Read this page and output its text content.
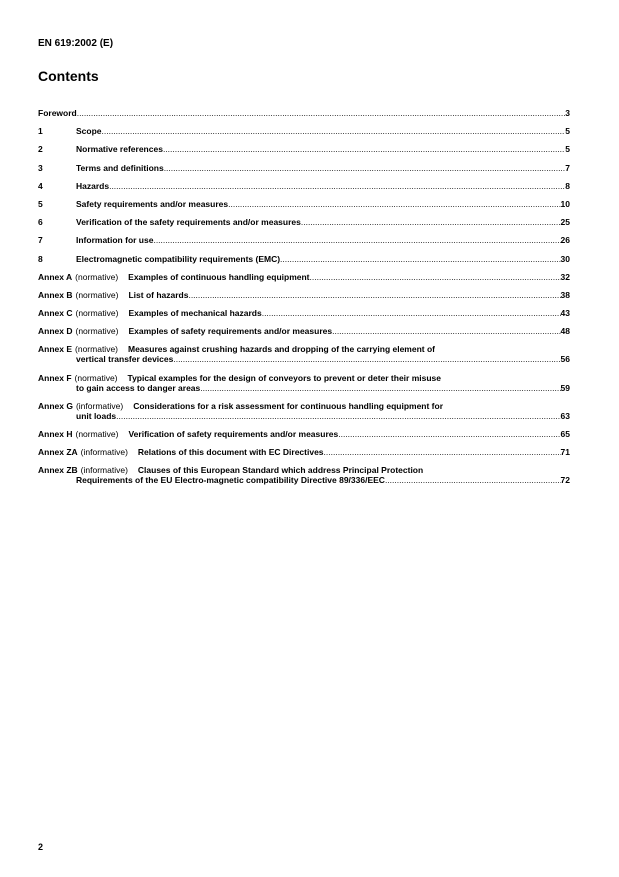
EN 619:2002 (E)
Contents
Foreword .....	3
1	Scope .....	5
2	Normative references .....	5
3	Terms and definitions .....	7
4	Hazards .....	8
5	Safety requirements and/or measures .....	10
6	Verification of the safety requirements and/or measures .....	25
7	Information for use .....	26
8	Electromagnetic compatibility requirements (EMC) .....	30
Annex A (normative) Examples of continuous handling equipment .....	32
Annex B (normative) List of hazards .....	38
Annex C (normative) Examples of mechanical hazards .....	43
Annex D (normative) Examples of safety requirements and/or measures .....	48
Annex E (normative) Measures against crushing hazards and dropping of the carrying element of
vertical transfer devices .....	56
Annex F (normative) Typical examples for the design of conveyors to prevent or deter their misuse
to gain access to danger areas .....	59
Annex G (informative) Considerations for a risk assessment for continuous handling equipment for
unit loads .....	63
Annex H (normative) Verification of safety requirements and/or measures .....	65
Annex ZA (informative) Relations of this document with EC Directives .....	71
Annex ZB (informative) Clauses of this European Standard which address Principal Protection
Requirements of the EU Electro-magnetic compatibility Directive 89/336/EEC .....	72
2
